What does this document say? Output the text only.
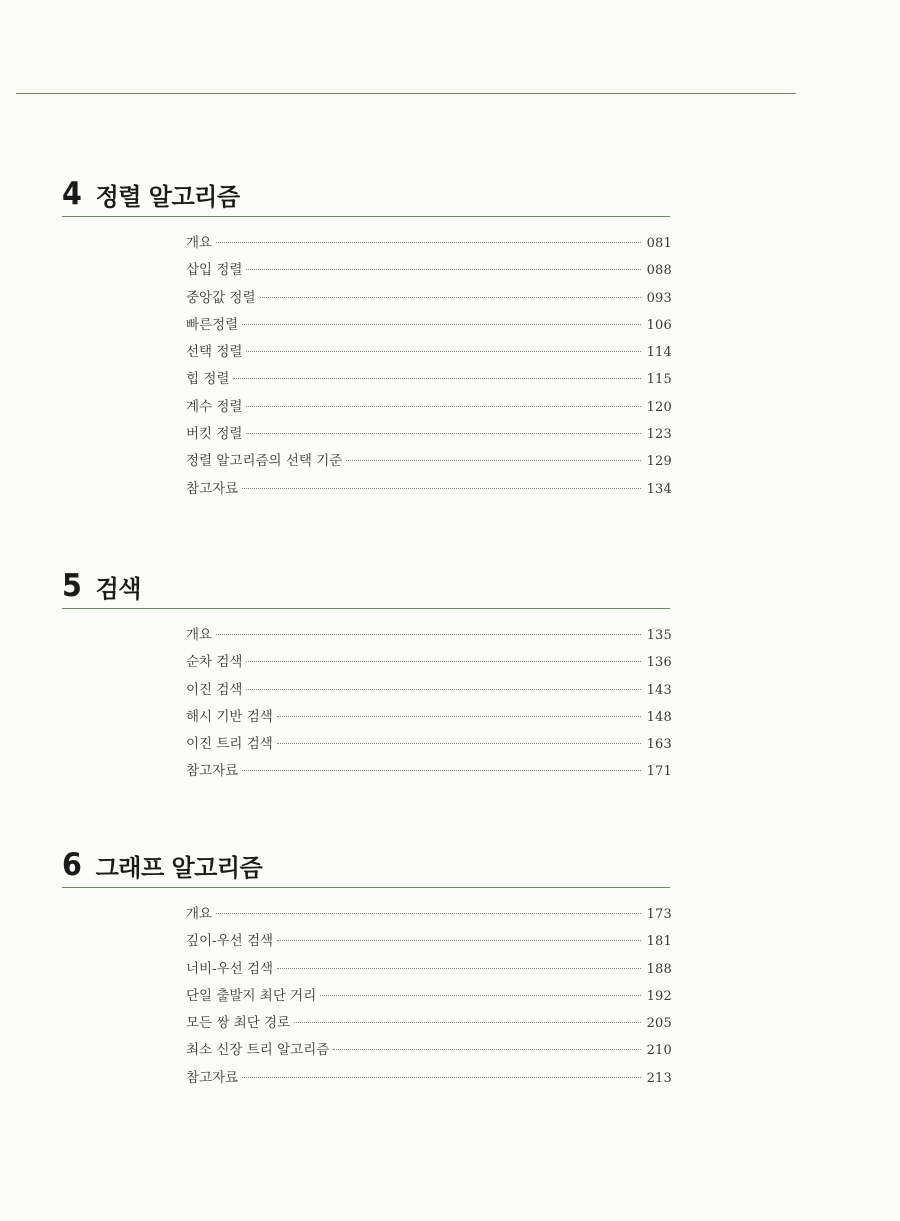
4 정렬 알고리즘
개요	081
삽입 정렬	088
중앙값 정렬	093
빠른정렬	106
선택 정렬	114
힙 정렬	115
계수 정렬	120
버킷 정렬	123
정렬 알고리즘의 선택 기준	129
참고자료	134
5 검색
개요	135
순차 검색	136
이진 검색	143
해시 기반 검색	148
이진 트리 검색	163
참고자료	171
6 그래프 알고리즘
개요	173
깊이-우선 검색	181
너비-우선 검색	188
단일 출발지 최단 거리	192
모든 쌍 최단 경로	205
최소 신장 트리 알고리즘	210
참고자료	213
